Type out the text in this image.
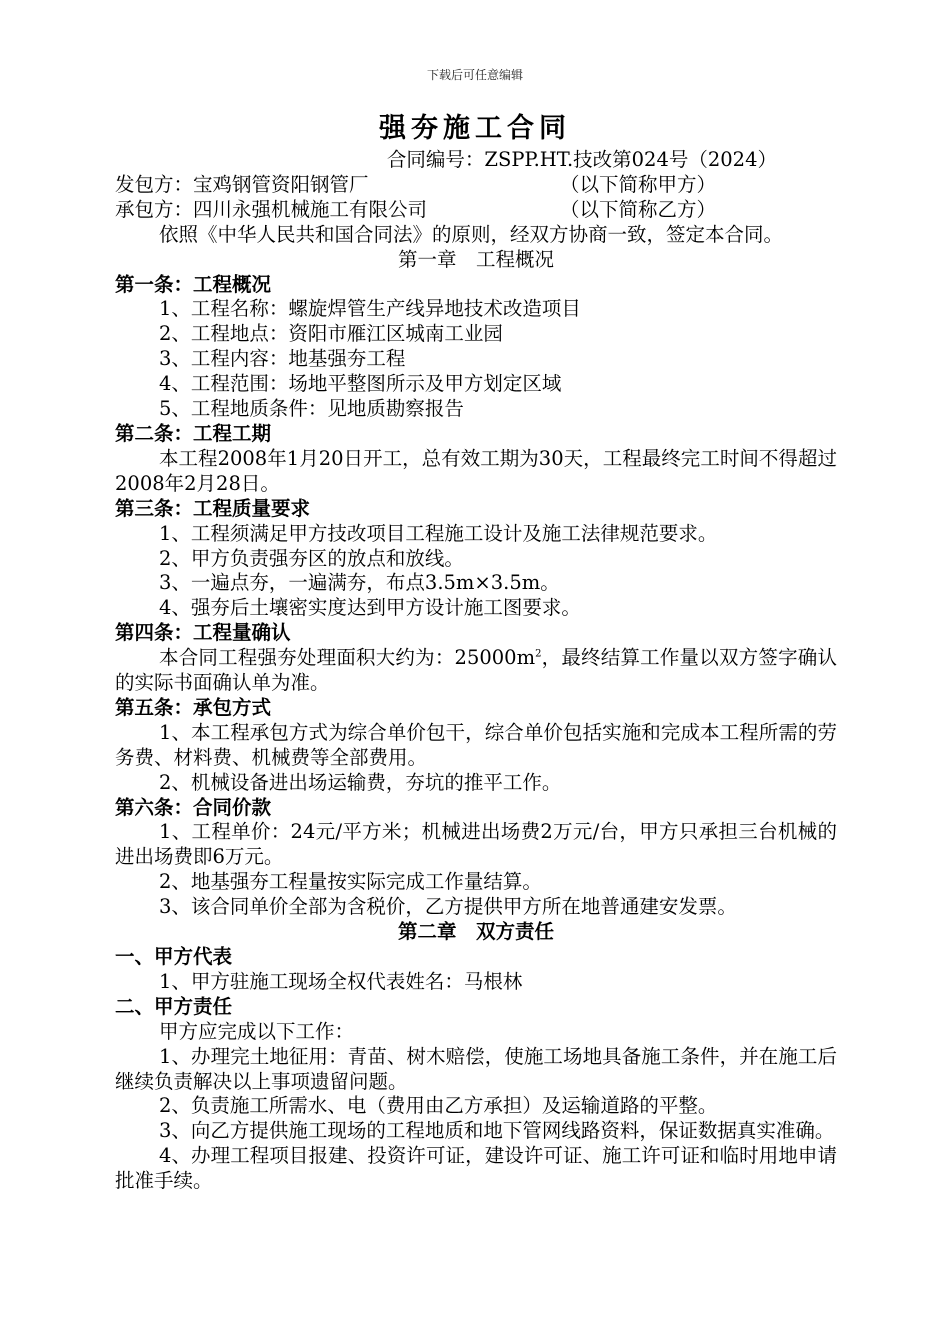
下载后可任意编辑
强夯施工合同
合同编号：ZSPP.HT.技改第024号（2024）
发包方：宝鸡钢管资阳钢管厂	（以下简称甲方）
承包方：四川永强机械施工有限公司	（以下简称乙方）
依照《中华人民共和国合同法》的原则，经双方协商一致，签定本合同。
第一章　工程概况
第一条：工程概况
1、工程名称：螺旋焊管生产线异地技术改造项目
2、工程地点：资阳市雁江区城南工业园
3、工程内容：地基强夯工程
4、工程范围：场地平整图所示及甲方划定区域
5、工程地质条件：见地质勘察报告
第二条：工程工期
本工程2008年1月20日开工，总有效工期为30天，工程最终完工时间不得超过2008年2月28日。
第三条：工程质量要求
1、工程须满足甲方技改项目工程施工设计及施工法律规范要求。
2、甲方负责强夯区的放点和放线。
3、一遍点夯，一遍满夯，布点3.5m×3.5m。
4、强夯后土壤密实度达到甲方设计施工图要求。
第四条：工程量确认
本合同工程强夯处理面积大约为：$25000m^2$，最终结算工作量以双方签字确认的实际书面确认单为准。
第五条：承包方式
1、本工程承包方式为综合单价包干，综合单价包括实施和完成本工程所需的劳务费、材料费、机械费等全部费用。
2、机械设备进出场运输费，夯坑的推平工作。
第六条：合同价款
1、工程单价：24元/平方米；机械进出场费2万元/台，甲方只承担三台机械的进出场费即6万元。
2、地基强夯工程量按实际完成工作量结算。
3、该合同单价全部为含税价，乙方提供甲方所在地普通建安发票。
第二章　双方责任
一、甲方代表
1、甲方驻施工现场全权代表姓名：马根林
二、甲方责任
甲方应完成以下工作：
1、办理完土地征用：青苗、树木赔偿，使施工场地具备施工条件，并在施工后继续负责解决以上事项遗留问题。
2、负责施工所需水、电（费用由乙方承担）及运输道路的平整。
3、向乙方提供施工现场的工程地质和地下管网线路资料，保证数据真实准确。
4、办理工程项目报建、投资许可证，建设许可证、施工许可证和临时用地申请批准手续。
